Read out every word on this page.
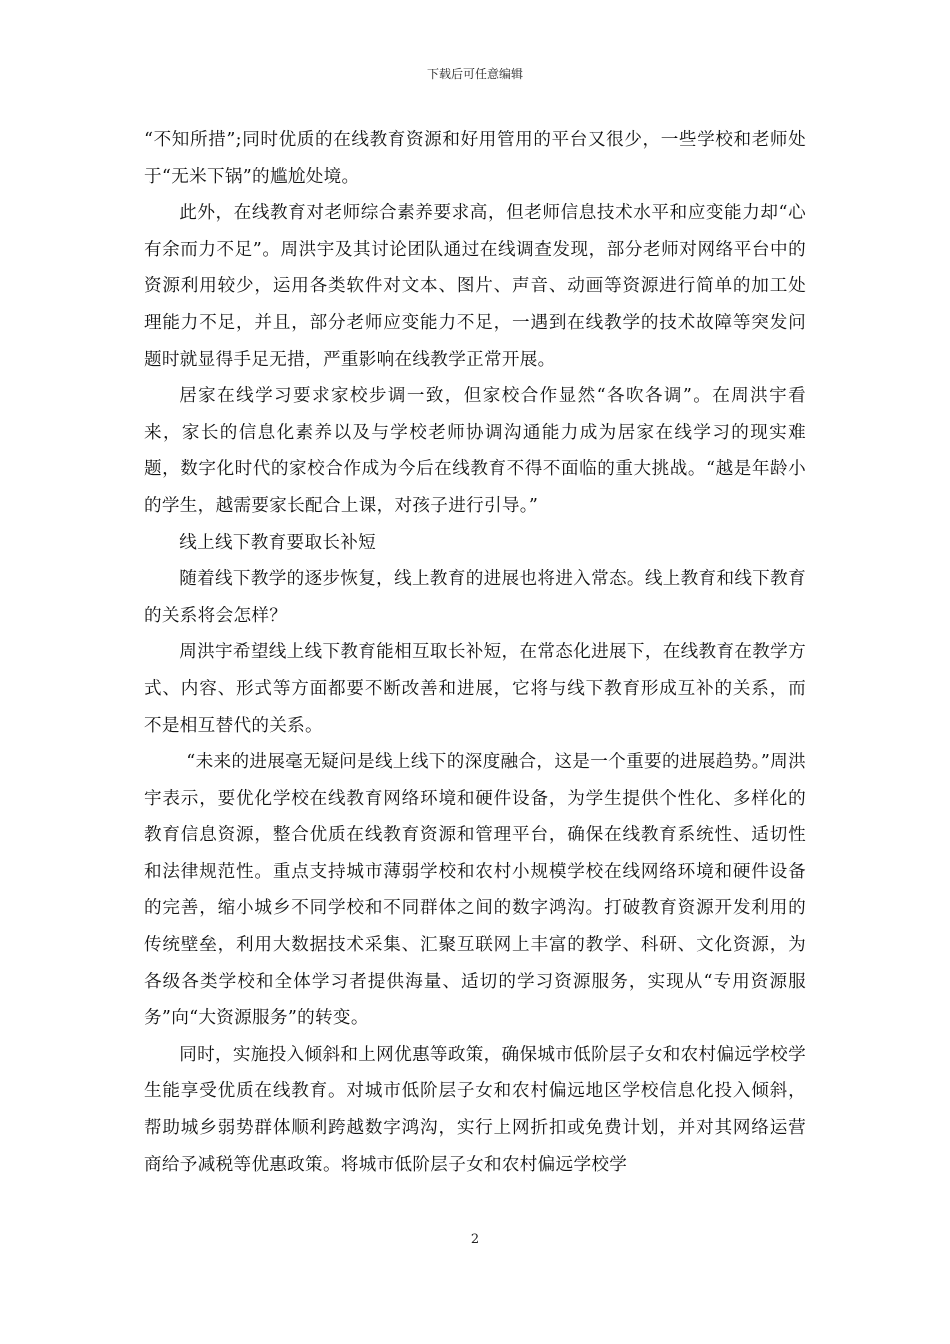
下载后可任意编辑

“不知所措”;同时优质的在线教育资源和好用管用的平台又很少，一些学校和老师处于“无米下锅”的尴尬处境。

此外，在线教育对老师综合素养要求高，但老师信息技术水平和应变能力却“心有余而力不足”。周洪宇及其讨论团队通过在线调查发现，部分老师对网络平台中的资源利用较少，运用各类软件对文本、图片、声音、动画等资源进行简单的加工处理能力不足，并且，部分老师应变能力不足，一遇到在线教学的技术故障等突发问题时就显得手足无措，严重影响在线教学正常开展。

居家在线学习要求家校步调一致，但家校合作显然“各吹各调”。在周洪宇看来，家长的信息化素养以及与学校老师协调沟通能力成为居家在线学习的现实难题，数字化时代的家校合作成为今后在线教育不得不面临的重大挑战。“越是年龄小的学生，越需要家长配合上课，对孩子进行引导。”

线上线下教育要取长补短

随着线下教学的逐步恢复，线上教育的进展也将进入常态。线上教育和线下教育的关系将会怎样？

周洪宇希望线上线下教育能相互取长补短，在常态化进展下，在线教育在教学方式、内容、形式等方面都要不断改善和进展，它将与线下教育形成互补的关系，而不是相互替代的关系。

“未来的进展毫无疑问是线上线下的深度融合，这是一个重要的进展趋势。”周洪宇表示，要优化学校在线教育网络环境和硬件设备，为学生提供个性化、多样化的教育信息资源，整合优质在线教育资源和管理平台，确保在线教育系统性、适切性和法律规范性。重点支持城市薄弱学校和农村小规模学校在线网络环境和硬件设备的完善，缩小城乡不同学校和不同群体之间的数字鸿沟。打破教育资源开发利用的传统壁垒，利用大数据技术采集、汇聚互联网上丰富的教学、科研、文化资源，为各级各类学校和全体学习者提供海量、适切的学习资源服务，实现从“专用资源服务”向“大资源服务”的转变。

同时，实施投入倾斜和上网优惠等政策，确保城市低阶层子女和农村偏远学校学生能享受优质在线教育。对城市低阶层子女和农村偏远地区学校信息化投入倾斜，帮助城乡弱势群体顺利跨越数字鸿沟，实行上网折扣或免费计划，并对其网络运营商给予减税等优惠政策。将城市低阶层子女和农村偏远学校学

2
